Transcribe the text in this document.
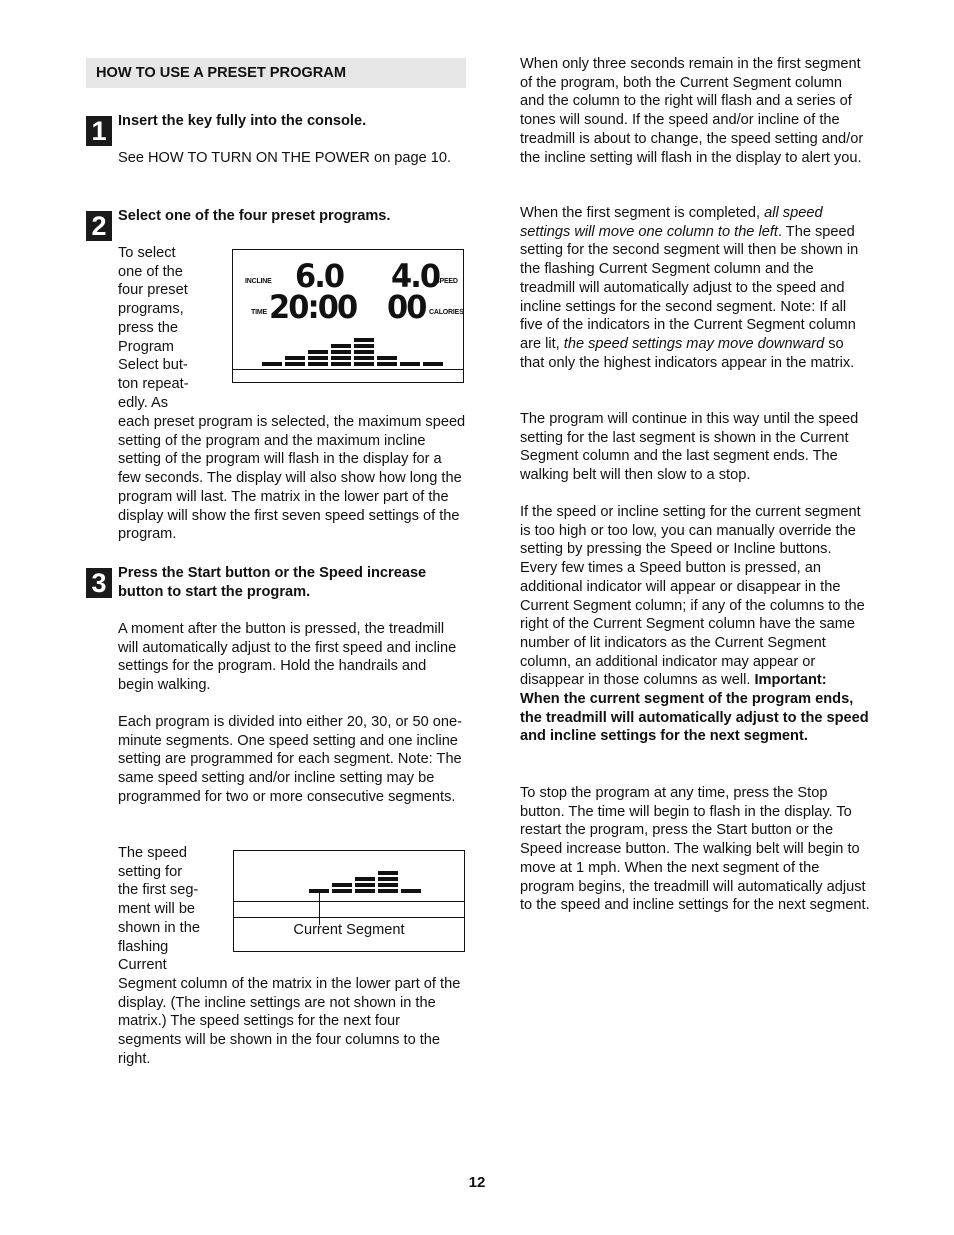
HOW TO USE A PRESET PROGRAM
1 Insert the key fully into the console.

See HOW TO TURN ON THE POWER on page 10.

2 Select one of the four preset programs.

To select
one of the
four preset
programs,
press the
Program
Select but-
ton repeat-
edly. As

each preset program is selected, the maximum speed setting of the program and the maximum incline setting of the program will flash in the display for a few seconds. The display will also show how long the program will last. The matrix in the lower part of the display will show the first seven speed settings of the program.

INCLINE 6.0 4.0
SPEED
TIME 20:00 00 CALORIES
3 Press the Start button or the Speed increase button to start the program.

A moment after the button is pressed, the treadmill will automatically adjust to the first speed and incline settings for the program. Hold the handrails and begin walking.

Each program is divided into either 20, 30, or 50 one-minute segments. One speed setting and one incline setting are programmed for each segment. Note: The same speed setting and/or incline setting may be programmed for two or more consecutive segments.

The speed
setting for
the first seg-
ment will be
shown in the
flashing
Current

Segment column of the matrix in the lower part of the display. (The incline settings are not shown in the matrix.) The speed settings for the next four segments will be shown in the four columns to the right.

Current Segment

When only three seconds remain in the first segment of the program, both the Current Segment column and the column to the right will flash and a series of tones will sound. If the speed and/or incline of the treadmill is about to change, the speed setting and/or the incline setting will flash in the display to alert you.

When the first segment is completed, all speed settings will move one column to the left. The speed setting for the second segment will then be shown in the flashing Current Segment column and the treadmill will automatically adjust to the speed and incline settings for the second segment. Note: If all five of the indicators in the Current Segment column are lit, the speed settings may move downward so that only the highest indicators appear in the matrix.

The program will continue in this way until the speed setting for the last segment is shown in the Current Segment column and the last segment ends. The walking belt will then slow to a stop.

If the speed or incline setting for the current segment is too high or too low, you can manually override the setting by pressing the Speed or Incline buttons. Every few times a Speed button is pressed, an additional indicator will appear or disappear in the Current Segment column; if any of the columns to the right of the Current Segment column have the same number of lit indicators as the Current Segment column, an additional indicator may appear or disappear in those columns as well. Important: When the current segment of the program ends, the treadmill will automatically adjust to the speed and incline settings for the next segment.

To stop the program at any time, press the Stop button. The time will begin to flash in the display. To restart the program, press the Start button or the Speed increase button. The walking belt will begin to move at 1 mph. When the next segment of the program begins, the treadmill will automatically adjust to the speed and incline settings for the next segment.

12
